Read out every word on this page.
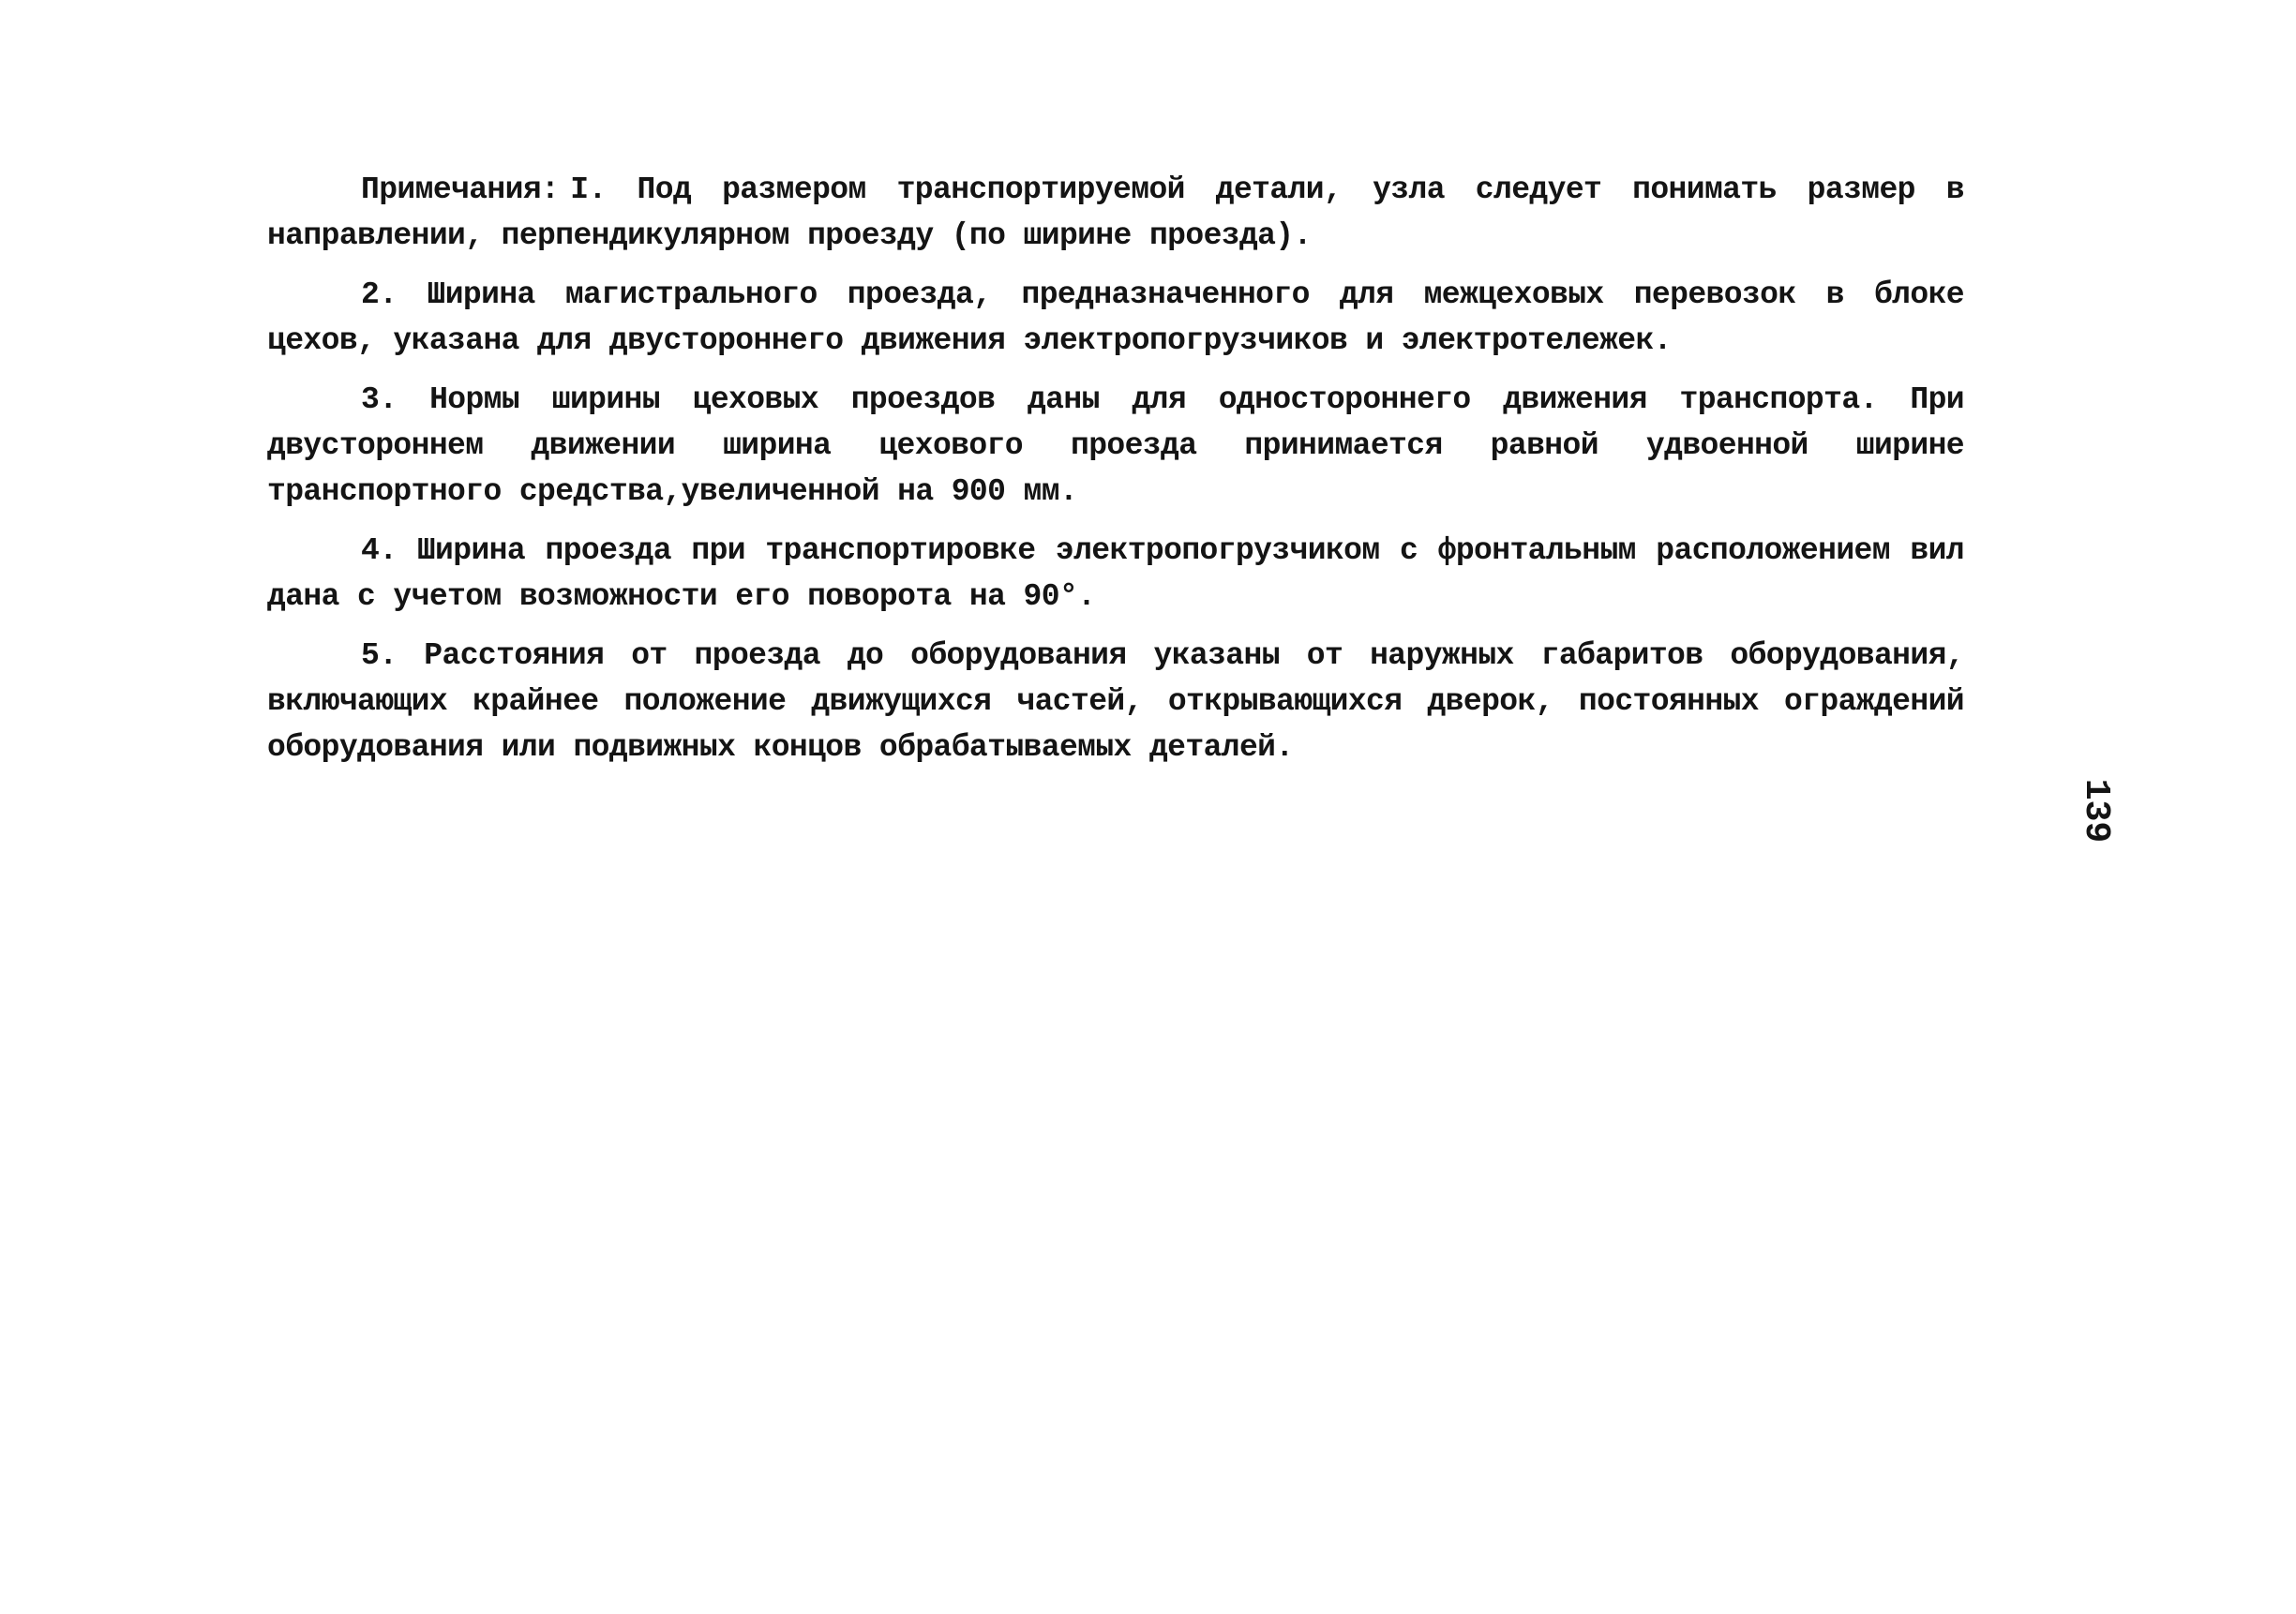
Примечания: I. Под размером транспортируемой детали, узла следует понимать размер в направлении, перпендикулярном проезду (по ширине проезда).

2. Ширина магистрального проезда, предназначенного для межцеховых перевозок в блоке цехов, указана для двустороннего движения электропогрузчиков и электротележек.

3. Нормы ширины цеховых проездов даны для одностороннего движения транспорта. При двустороннем движении ширина цехового проезда принимается равной удвоенной ширине транспортного средства,увеличенной на 900 мм.

4. Ширина проезда при транспортировке электропогрузчиком с фронтальным расположением вил дана с учетом возможности его поворота на 90°.

5. Расстояния от проезда до оборудования указаны от наружных габаритов оборудования, включающих крайнее положение движущихся частей, открывающихся дверок, постоянных ограждений оборудования или подвижных концов обрабатываемых деталей.

139
